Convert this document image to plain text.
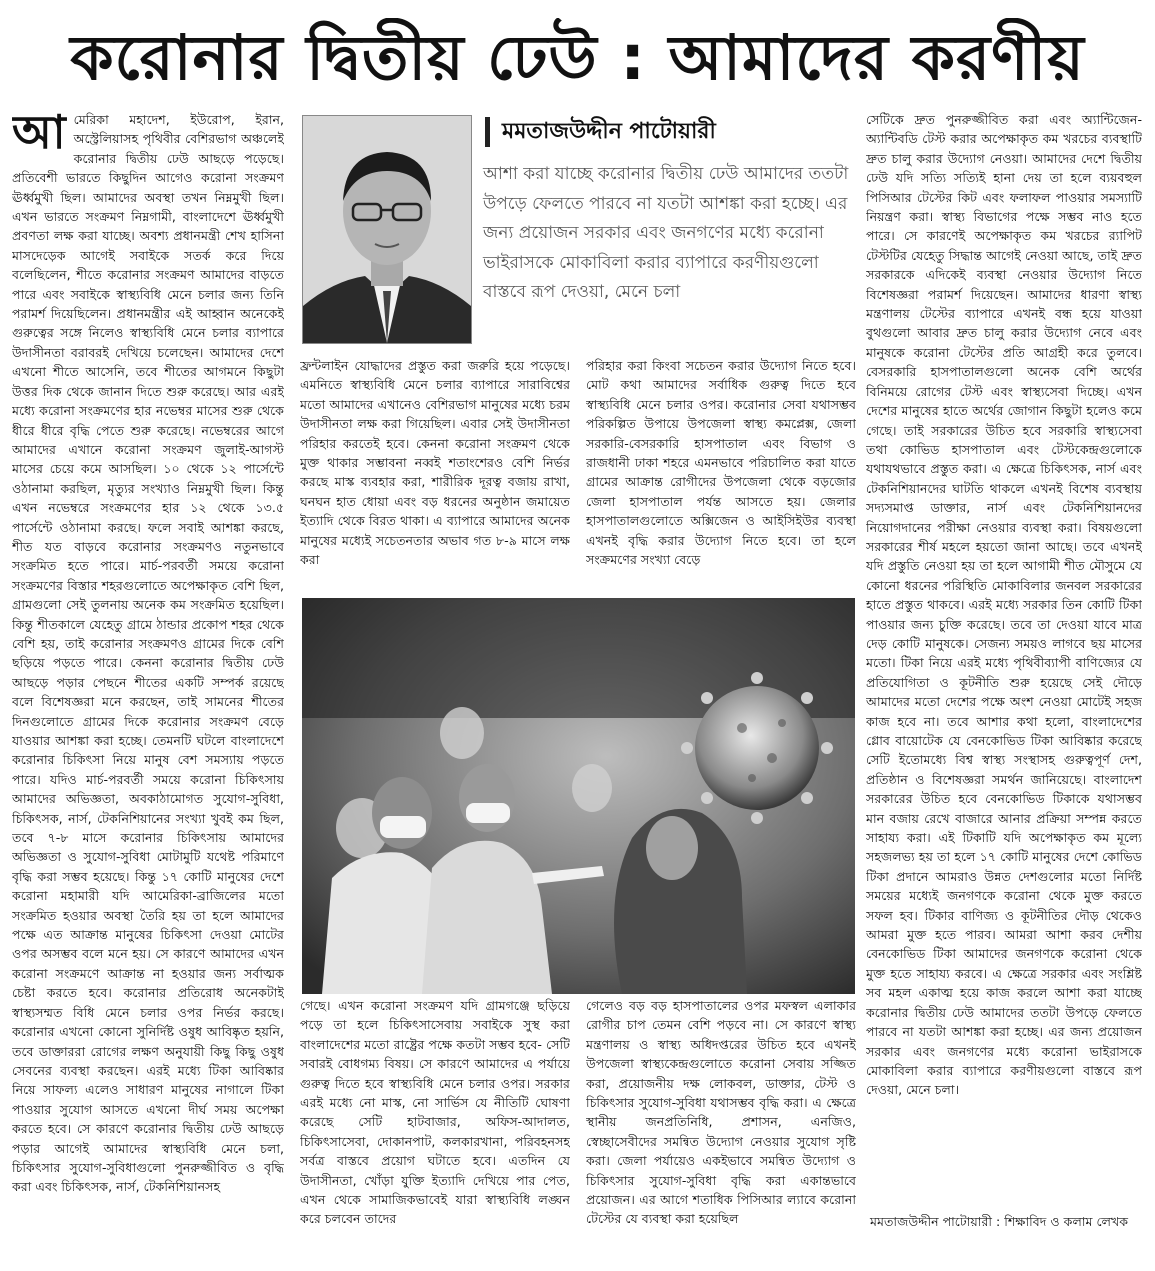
করোনার দ্বিতীয় ঢেউ : আমাদের করণীয়
আ মেরিকা মহাদেশ, ইউরোপ, ইরান, অস্ট্রেলিয়াসহ পৃথিবীর বেশিরভাগ অঞ্চলেই করোনার দ্বিতীয় ঢেউ আছড়ে পড়েছে। প্রতিবেশী ভারতে কিছুদিন আগেও করোনা সংক্রমণ ঊর্ধ্বমুখী ছিল। আমাদের অবস্থা তখন নিম্নমুখী ছিল। এখন ভারতে সংক্রমণ নিম্নগামী, বাংলাদেশে ঊর্ধ্বমুখী প্রবণতা লক্ষ করা যাচ্ছে। অবশ্য প্রধানমন্ত্রী শেখ হাসিনা মাসদেড়েক আগেই সবাইকে সতর্ক করে দিয়ে বলেছিলেন, শীতে করোনার সংক্রমণ আমাদের বাড়তে পারে এবং সবাইকে স্বাস্থ্যবিধি মেনে চলার জন্য তিনি পরামর্শ দিয়েছিলেন। প্রধানমন্ত্রীর এই আহ্বান অনেকেই গুরুত্বের সঙ্গে নিলেও স্বাস্থ্যবিধি মেনে চলার ব্যাপারে উদাসীনতা বরাবরই দেখিয়ে চলেছেন। আমাদের দেশে এখনো শীতে আসেনি, তবে শীতের আগমনে কিছুটা উত্তর দিক থেকে জানান দিতে শুরু করেছে। আর এরই মধ্যে করোনা সংক্রমণের হার নভেম্বর মাসের শুরু থেকে ধীরে ধীরে বৃদ্ধি পেতে শুরু করেছে। নভেম্বরের আগে আমাদের এখানে করোনা সংক্রমণ জুলাই-আগস্ট মাসের চেয়ে কমে আসছিল। ১০ থেকে ১২ পার্সেন্টে ওঠানামা করছিল, মৃত্যুর সংখ্যাও নিম্নমুখী ছিল। কিন্তু এখন নভেম্বরে সংক্রমণের হার ১২ থেকে ১৩.৫ পার্সেন্টে ওঠানামা করছে। ফলে সবাই আশঙ্কা করছে, শীত যত বাড়বে করোনার সংক্রমণও নতুনভাবে সংক্রমিত হতে পারে। মার্চ-পরবর্তী সময়ে করোনা সংক্রমণের বিস্তার শহরগুলোতে অপেক্ষাকৃত বেশি ছিল, গ্রামগুলো সেই তুলনায় অনেক কম সংক্রমিত হয়েছিল। কিন্তু শীতকালে যেহেতু গ্রামে ঠান্ডার প্রকোপ শহর থেকে বেশি হয়, তাই করোনার সংক্রমণও গ্রামের দিকে বেশি ছড়িয়ে পড়তে পারে। কেননা করোনার দ্বিতীয় ঢেউ আছড়ে পড়ার পেছনে শীতের একটি সম্পর্ক রয়েছে বলে বিশেষজ্ঞরা মনে করছেন, তাই সামনের শীতের দিনগুলোতে গ্রামের দিকে করোনার সংক্রমণ বেড়ে যাওয়ার আশঙ্কা করা হচ্ছে। তেমনটি ঘটলে বাংলাদেশে করোনার চিকিৎসা নিয়ে মানুষ বেশ সমস্যায় পড়তে পারে। যদিও মার্চ-পরবর্তী সময়ে করোনা চিকিৎসায় আমাদের অভিজ্ঞতা, অবকাঠামোগত সুযোগ-সুবিধা, চিকিৎসক, নার্স, টেকনিশিয়ানের সংখ্যা খুবই কম ছিল, তবে ৭-৮ মাসে করোনার চিকিৎসায় আমাদের অভিজ্ঞতা ও সুযোগ-সুবিধা মোটামুটি যথেষ্ট পরিমাণে বৃদ্ধি করা সম্ভব হয়েছে। কিন্তু ১৭ কোটি মানুষের দেশে করোনা মহামারী যদি আমেরিকা-ব্রাজিলের মতো সংক্রমিত হওয়ার অবস্থা তৈরি হয় তা হলে আমাদের পক্ষে এত আক্রান্ত মানুষের চিকিৎসা দেওয়া মোটের ওপর অসম্ভব বলে মনে হয়। সে কারণে আমাদের এখন করোনা সংক্রমণে আক্রান্ত না হওয়ার জন্য সর্বাত্মক চেষ্টা করতে হবে। করোনার প্রতিরোধ অনেকটাই স্বাস্থ্যসম্মত বিধি মেনে চলার ওপর নির্ভর করছে। করোনার এখনো কোনো সুনির্দিষ্ট ওষুধ আবিষ্কৃত হয়নি, তবে ডাক্তাররা রোগের লক্ষণ অনুযায়ী কিছু কিছু ওষুধ সেবনের ব্যবস্থা করছেন। এরই মধ্যে টিকা আবিষ্কার নিয়ে সাফল্য এলেও সাধারণ মানুষের নাগালে টিকা পাওয়ার সুযোগ আসতে এখনো দীর্ঘ সময় অপেক্ষা করতে হবে। সে কারণে করোনার দ্বিতীয় ঢেউ আছড়ে পড়ার আগেই আমাদের স্বাস্থ্যবিধি মেনে চলা, চিকিৎসার সুযোগ-সুবিধাগুলো পুনরুজ্জীবিত ও বৃদ্ধি করা এবং চিকিৎসক, নার্স, টেকনিশিয়ানসহ

মমতাজউদ্দীন পাটোয়ারী
আশা করা যাচ্ছে করোনার দ্বিতীয় ঢেউ আমাদের ততটা উপড়ে ফেলতে পারবে না যতটা আশঙ্কা করা হচ্ছে। এর জন্য প্রয়োজন সরকার এবং জনগণের মধ্যে করোনা ভাইরাসকে মোকাবিলা করার ব্যাপারে করণীয়গুলো বাস্তবে রূপ দেওয়া, মেনে চলা

ফ্রন্টলাইন যোদ্ধাদের প্রস্তুত করা জরুরি হয়ে পড়েছে। এমনিতে স্বাস্থ্যবিধি মেনে চলার ব্যাপারে সারাবিশ্বের মতো আমাদের এখানেও বেশিরভাগ মানুষের মধ্যে চরম উদাসীনতা লক্ষ করা গিয়েছিল। এবার সেই উদাসীনতা পরিহার করতেই হবে। কেননা করোনা সংক্রমণ থেকে মুক্ত থাকার সম্ভাবনা নব্বই শতাংশেরও বেশি নির্ভর করছে মাস্ক ব্যবহার করা, শারীরিক দূরত্ব বজায় রাখা, ঘনঘন হাত ধোয়া এবং বড় ধরনের অনুষ্ঠান জমায়েত ইত্যাদি থেকে বিরত থাকা। এ ব্যাপারে আমাদের অনেক মানুষের মধ্যেই সচেতনতার অভাব গত ৮-৯ মাসে লক্ষ করা

পরিহার করা কিংবা সচেতন করার উদ্যোগ নিতে হবে। মোট কথা আমাদের সর্বাধিক গুরুত্ব দিতে হবে স্বাস্থ্যবিধি মেনে চলার ওপর। করোনার সেবা যথাসম্ভব পরিকল্পিত উপায়ে উপজেলা স্বাস্থ্য কমপ্লেক্স, জেলা সরকারি-বেসরকারি হাসপাতাল এবং বিভাগ ও রাজধানী ঢাকা শহরে এমনভাবে পরিচালিত করা যাতে গ্রামের আক্রান্ত রোগীদের উপজেলা থেকে বড়জোর জেলা হাসপাতাল পর্যন্ত আসতে হয়। জেলার হাসপাতালগুলোতে অক্সিজেন ও আইসিইউর ব্যবস্থা এখনই বৃদ্ধি করার উদ্যোগ নিতে হবে। তা হলে সংক্রমণের সংখ্যা বেড়ে

গেছে। এখন করোনা সংক্রমণ যদি গ্রামগঞ্জে ছড়িয়ে পড়ে তা হলে চিকিৎসাসেবায় সবাইকে সুস্থ করা বাংলাদেশের মতো রাষ্ট্রের পক্ষে কতটা সম্ভব হবে- সেটি সবারই বোধগম্য বিষয়। সে কারণে আমাদের এ পর্যায়ে গুরুত্ব দিতে হবে স্বাস্থ্যবিধি মেনে চলার ওপর। সরকার এরই মধ্যে নো মাস্ক, নো সার্ভিস যে নীতিটি ঘোষণা করেছে সেটি হাটবাজার, অফিস-আদালত, চিকিৎসাসেবা, দোকানপাট, কলকারখানা, পরিবহনসহ সর্বত্র বাস্তবে প্রয়োগ ঘটাতে হবে। এতদিন যে উদাসীনতা, খোঁড়া যুক্তি ইত্যাদি দেখিয়ে পার পেত, এখন থেকে সামাজিকভাবেই যারা স্বাস্থ্যবিধি লঙ্ঘন করে চলবেন তাদের

গেলেও বড় বড় হাসপাতালের ওপর মফস্বল এলাকার রোগীর চাপ তেমন বেশি পড়বে না। সে কারণে স্বাস্থ্য মন্ত্রণালয় ও স্বাস্থ্য অধিদপ্তরের উচিত হবে এখনই উপজেলা স্বাস্থ্যকেন্দ্রগুলোতে করোনা সেবায় সজ্জিত করা, প্রয়োজনীয় দক্ষ লোকবল, ডাক্তার, টেস্ট ও চিকিৎসার সুযোগ-সুবিধা যথাসম্ভব বৃদ্ধি করা। এ ক্ষেত্রে স্থানীয় জনপ্রতিনিধি, প্রশাসন, এনজিও, স্বেচ্ছাসেবীদের সমন্বিত উদ্যোগ নেওয়ার সুযোগ সৃষ্টি করা। জেলা পর্যায়েও একইভাবে সমন্বিত উদ্যোগ ও চিকিৎসার সুযোগ-সুবিধা বৃদ্ধি করা একান্তভাবে প্রয়োজন। এর আগে শতাধিক পিসিআর ল্যাবে করোনা টেস্টের যে ব্যবস্থা করা হয়েছিল

সেটিকে দ্রুত পুনরুজ্জীবিত করা এবং অ্যান্টিজেন-অ্যান্টিবডি টেস্ট করার অপেক্ষাকৃত কম খরচের ব্যবস্থাটি দ্রুত চালু করার উদ্যোগ নেওয়া। আমাদের দেশে দ্বিতীয় ঢেউ যদি সত্যি সত্যিই হানা দেয় তা হলে ব্যয়বহুল পিসিআর টেস্টের কিট এবং ফলাফল পাওয়ার সমস্যাটি নিয়ন্ত্রণ করা। স্বাস্থ্য বিভাগের পক্ষে সম্ভব নাও হতে পারে। সে কারণেই অপেক্ষাকৃত কম খরচের র‌্যাপিট টেস্টটির যেহেতু সিদ্ধান্ত আগেই নেওয়া আছে, তাই দ্রুত সরকারকে এদিকেই ব্যবস্থা নেওয়ার উদ্যোগ নিতে বিশেষজ্ঞরা পরামর্শ দিয়েছেন। আমাদের ধারণা স্বাস্থ্য মন্ত্রণালয় টেস্টের ব্যাপারে এখনই বন্ধ হয়ে যাওয়া বুথগুলো আবার দ্রুত চালু করার উদ্যোগ নেবে এবং মানুষকে করোনা টেস্টের প্রতি আগ্রহী করে তুলবে। বেসরকারি হাসপাতালগুলো অনেক বেশি অর্থের বিনিময়ে রোগের টেস্ট এবং স্বাস্থ্যসেবা দিচ্ছে। এখন দেশের মানুষের হাতে অর্থের জোগান কিছুটা হলেও কমে গেছে। তাই সরকারের উচিত হবে সরকারি স্বাস্থ্যসেবা তথা কোভিড হাসপাতাল এবং টেস্টকেন্দ্রগুলোকে যথাযথভাবে প্রস্তুত করা। এ ক্ষেত্রে চিকিৎসক, নার্স এবং টেকনিশিয়ানদের ঘাটতি থাকলে এখনই বিশেষ ব্যবস্থায় সদ্যসমাপ্ত ডাক্তার, নার্স এবং টেকনিশিয়ানদের নিয়োগদানের পরীক্ষা নেওয়ার ব্যবস্থা করা। বিষয়গুলো সরকারের শীর্ষ মহলে হয়তো জানা আছে। তবে এখনই যদি প্রস্তুতি নেওয়া হয় তা হলে আগামী শীত মৌসুমে যে কোনো ধরনের পরিস্থিতি মোকাবিলার জনবল সরকারের হাতে প্রস্তুত থাকবে। এরই মধ্যে সরকার তিন কোটি টিকা পাওয়ার জন্য চুক্তি করেছে। তবে তা দেওয়া যাবে মাত্র দেড় কোটি মানুষকে। সেজন্য সময়ও লাগবে ছয় মাসের মতো। টিকা নিয়ে এরই মধ্যে পৃথিবীব্যাপী বাণিজ্যের যে প্রতিযোগিতা ও কূটনীতি শুরু হয়েছে সেই দৌড়ে আমাদের মতো দেশের পক্ষে অংশ নেওয়া মোটেই সহজ কাজ হবে না। তবে আশার কথা হলো, বাংলাদেশের গ্লোব বায়োটেক যে বেনকোভিড টিকা আবিষ্কার করেছে সেটি ইতোমধ্যে বিশ্ব স্বাস্থ্য সংস্থাসহ গুরুত্বপূর্ণ দেশ, প্রতিষ্ঠান ও বিশেষজ্ঞরা সমর্থন জানিয়েছে। বাংলাদেশ সরকারের উচিত হবে বেনকোভিড টিকাকে যথাসম্ভব মান বজায় রেখে বাজারে আনার প্রক্রিয়া সম্পন্ন করতে সাহায্য করা। এই টিকাটি যদি অপেক্ষাকৃত কম মূল্যে সহজলভ্য হয় তা হলে ১৭ কোটি মানুষের দেশে কোভিড টিকা প্রদানে আমরাও উন্নত দেশগুলোর মতো নির্দিষ্ট সময়ের মধ্যেই জনগণকে করোনা থেকে মুক্ত করতে সফল হব। টিকার বাণিজ্য ও কূটনীতির দৌড় থেকেও আমরা মুক্ত হতে পারব। আমরা আশা করব দেশীয় বেনকোভিড টিকা আমাদের জনগণকে করোনা থেকে মুক্ত হতে সাহায্য করবে। এ ক্ষেত্রে সরকার এবং সংশ্লিষ্ট সব মহল একাত্ম হয়ে কাজ করলে আশা করা যাচ্ছে করোনার দ্বিতীয় ঢেউ আমাদের ততটা উপড়ে ফেলতে পারবে না যতটা আশঙ্কা করা হচ্ছে। এর জন্য প্রয়োজন সরকার এবং জনগণের মধ্যে করোনা ভাইরাসকে মোকাবিলা করার ব্যাপারে করণীয়গুলো বাস্তবে রূপ দেওয়া, মেনে চলা।

মমতাজউদ্দীন পাটোয়ারী : শিক্ষাবিদ ও কলাম লেখক
